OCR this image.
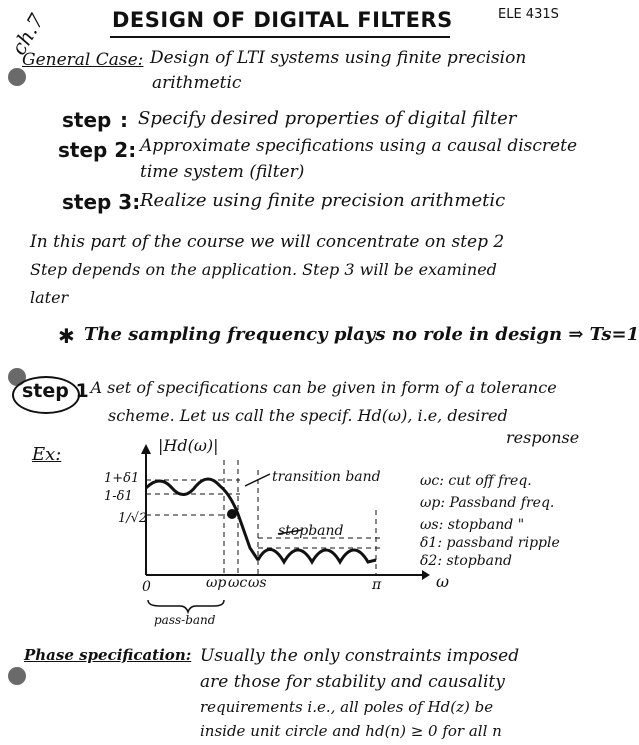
ch.7	DESIGN OF DIGITAL FILTERS	ELE 431S
General Case: Design of LTI systems using finite precision
arithmetic
step : Specify desired properties of digital filter
step 2: Approximate specifications using a causal discrete
time system (filter)
step 3: Realize using finite precision arithmetic
In this part of the course we will concentrate on step 2
Step depends on the application. Step 3 will be examined
later
✱ The sampling frequency plays no role in design ⇒ Ts=1
step 1
: A set of specifications can be given in form of a tolerance
scheme. Let us call the specif. Hd(ω), i.e, desired
response
Ex:	|Hd(ω)|
ω
1+δ1
1-δ1
1/√2
0	ωp ωc ωs	π
transition band
stopband
pass-band
ωc: cut off freq.
ωp: Passband freq.
ωs: stopband "
δ1: passband ripple
δ2: stopband
Phase specification: Usually the only constraints imposed
are those for stability and causality
requirements i.e., all poles of Hd(z) be
inside unit circle and hd(n) ≥ 0 for all n
